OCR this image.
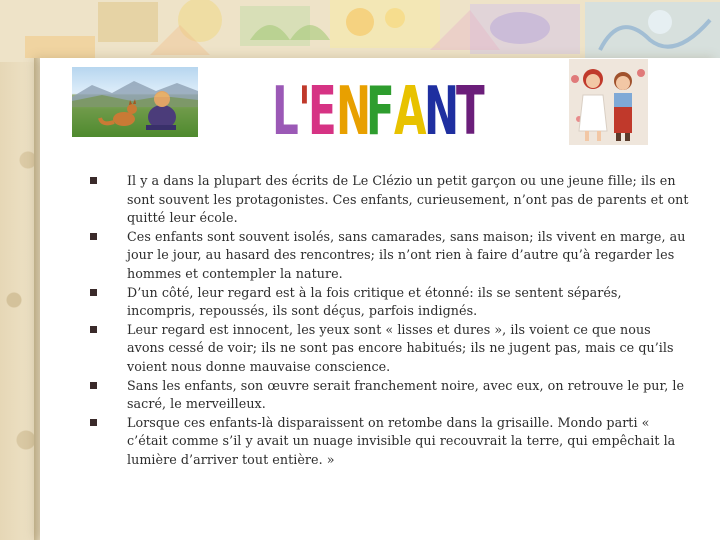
L '
E N
F A
N
T
Il y a dans la plupart des écrits de Le Clézio un petit garçon ou une jeune fille; ils en sont souvent les protagonistes. Ces enfants, curieusement, n’ont pas de parents et ont quitté leur école.
Ces enfants sont souvent isolés, sans camarades, sans maison; ils vivent en marge, au jour le jour, au hasard des rencontres; ils n’ont rien à faire d’autre qu’à regarder les hommes et contempler la nature.
D’un côté, leur regard est à la fois critique et étonné: ils se sentent séparés, incompris, repoussés, ils sont déçus, parfois indignés.
Leur regard est innocent, les yeux sont « lisses et dures », ils voient ce que nous avons cessé de voir; ils ne sont pas encore habitués; ils ne jugent pas, mais ce qu’ils voient nous donne mauvaise conscience.
Sans les enfants, son œuvre serait franchement noire, avec eux, on retrouve le pur, le sacré, le merveilleux.
Lorsque ces enfants-là disparaissent on retombe dans la grisaille. Mondo parti « c’était comme s’il y avait un nuage invisible qui recouvrait la terre, qui empêchait la lumière d’arriver tout entière. »
